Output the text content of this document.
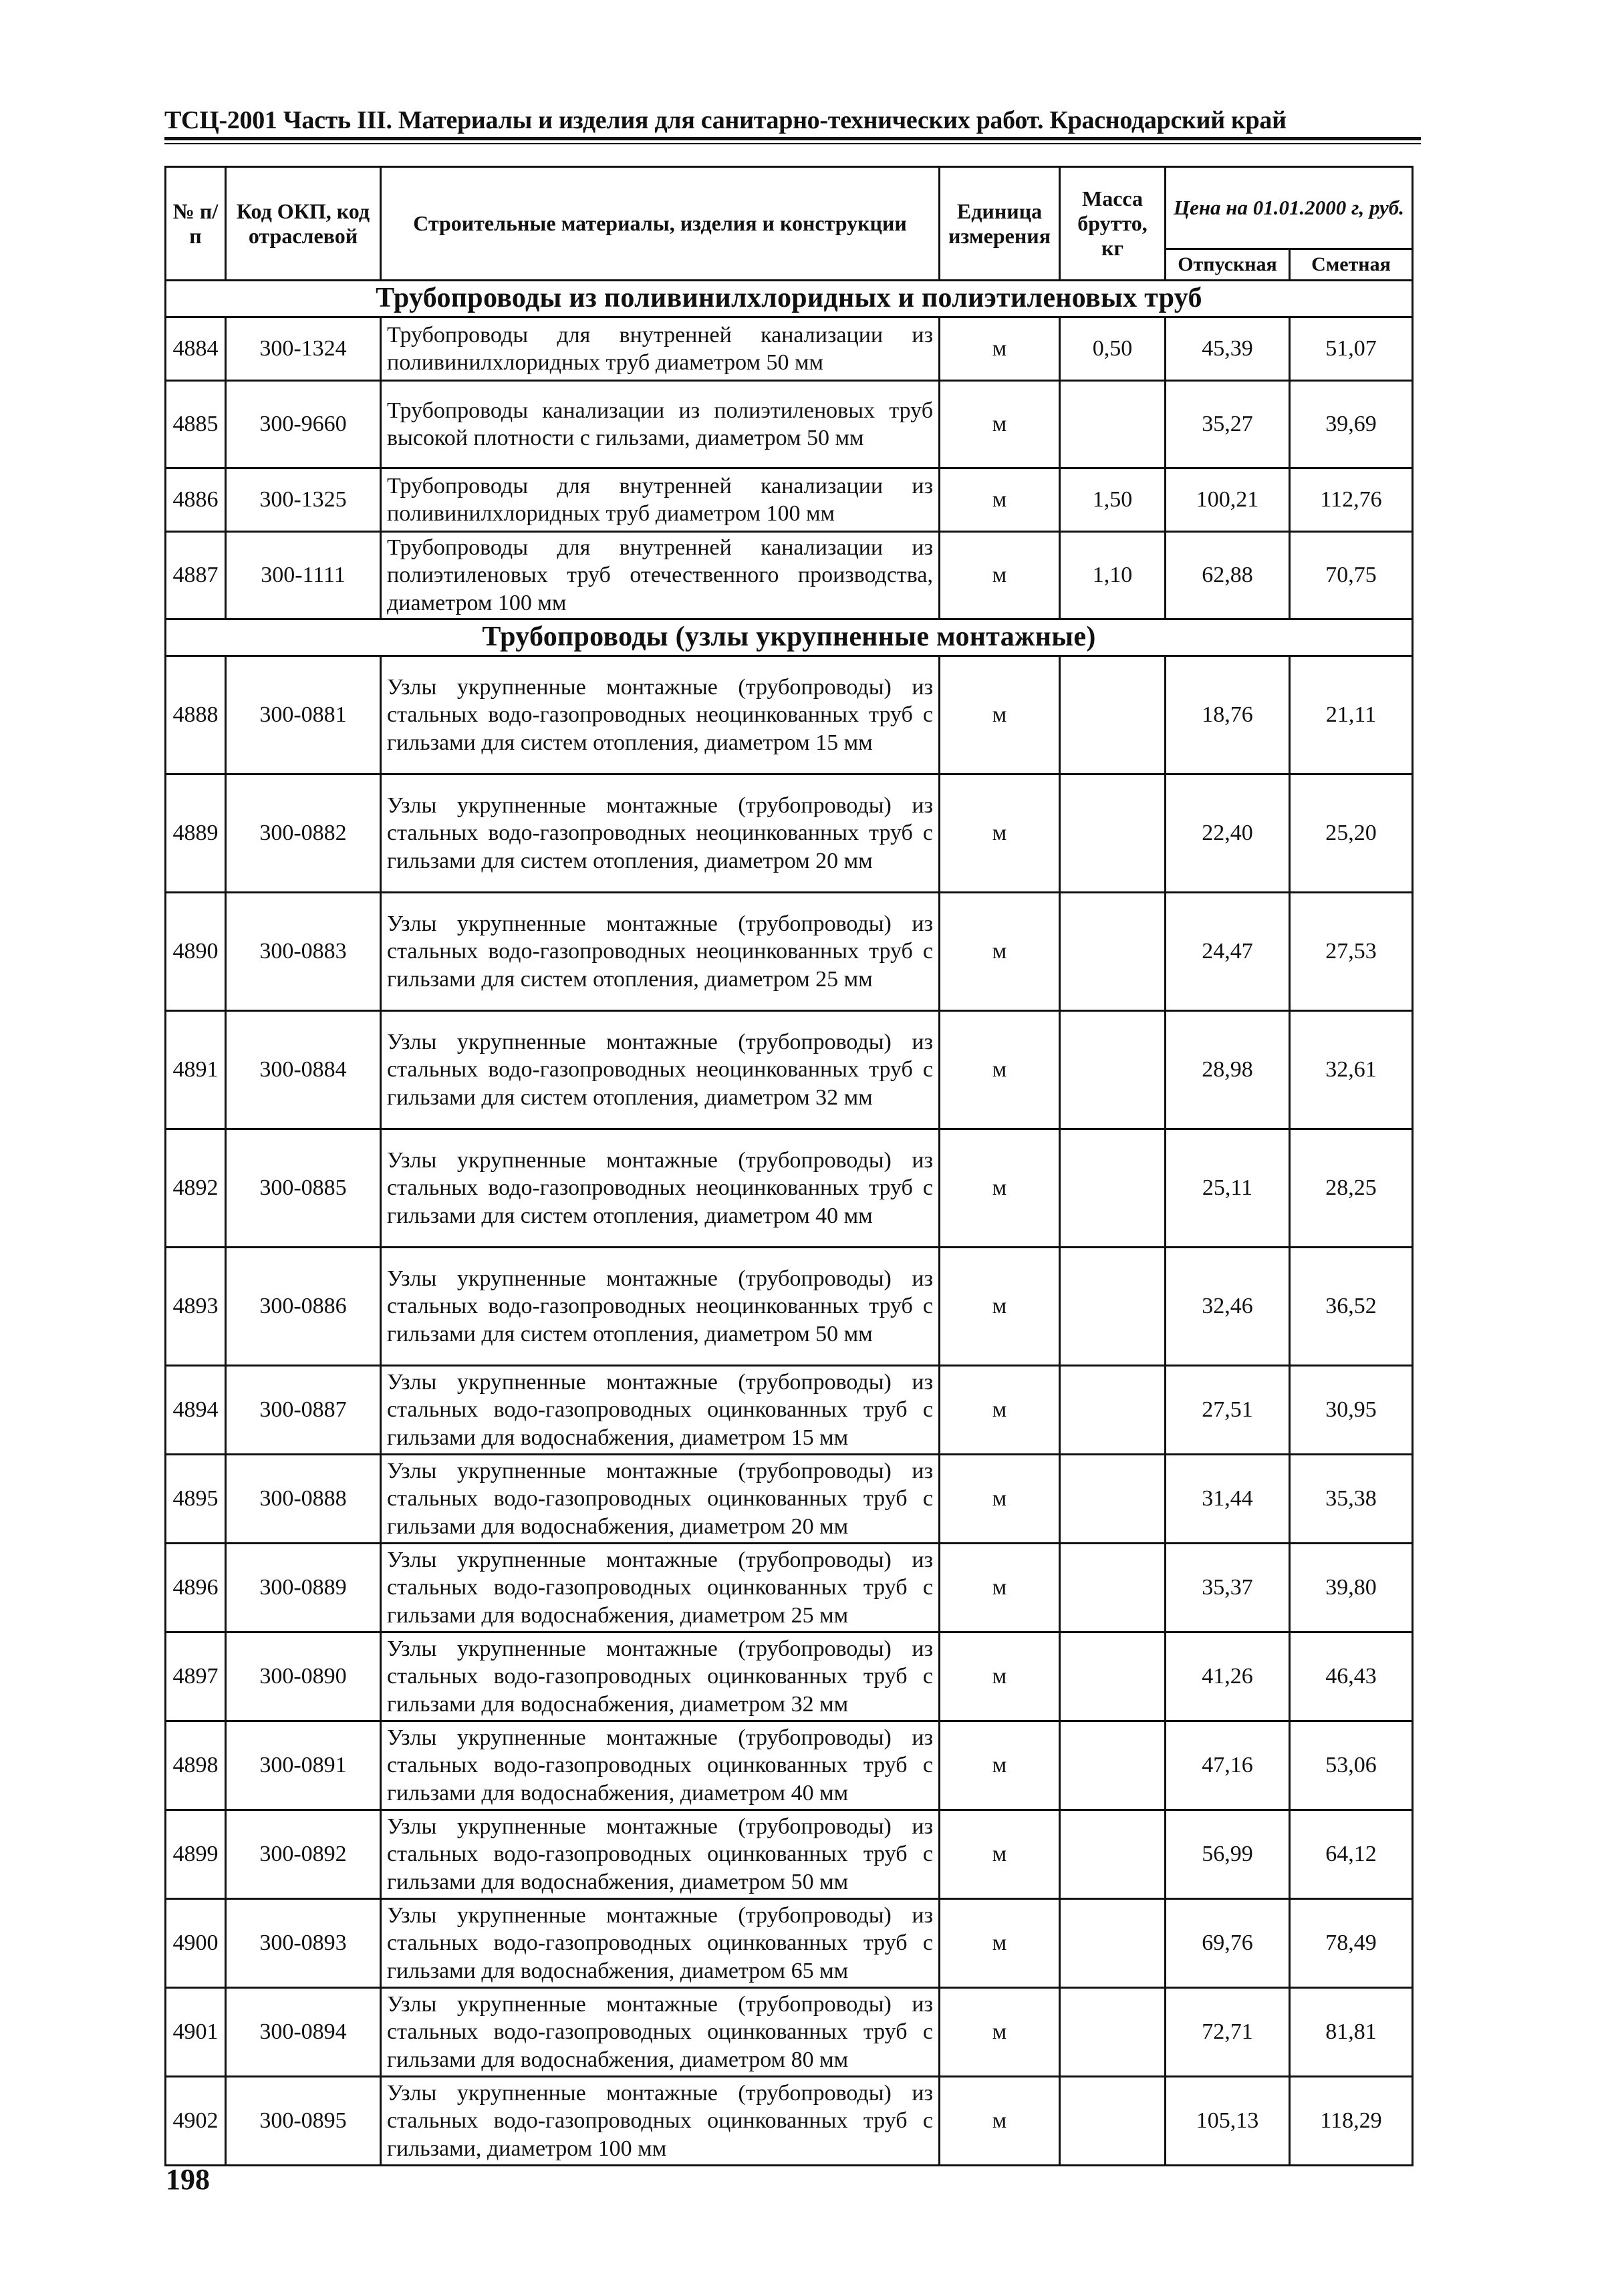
ТСЦ-2001 Часть III. Материалы и изделия для санитарно-технических работ. Краснодарский край
№ п/п	Код ОКП, код отраслевой	Строительные материалы, изделия и конструкции	Единица измерения	Масса брутто, кг	Цена на 01.01.2000 г, руб.	
					Отпускная	Сметная
Трубопроводы из поливинилхлоридных и полиэтиленовых труб						
4884	300-1324	Трубопроводы для внутренней канализации из поливинилхлоридных труб диаметром 50 мм	м	0,50	45,39	51,07
4885	300-9660	Трубопроводы канализации из полиэтиленовых труб высокой плотности с гильзами, диаметром 50 мм	м		35,27	39,69
4886	300-1325	Трубопроводы для внутренней канализации из поливинилхлоридных труб диаметром 100 мм	м	1,50	100,21	112,76
4887	300-1111	Трубопроводы для внутренней канализации из полиэтиленовых труб отечественного производства, диаметром 100 мм	м	1,10	62,88	70,75
Трубопроводы (узлы укрупненные монтажные)						
4888	300-0881	Узлы укрупненные монтажные (трубопроводы) из стальных водо-газопроводных неоцинкованных труб с гильзами для систем отопления, диаметром 15 мм	м		18,76	21,11
4889	300-0882	Узлы укрупненные монтажные (трубопроводы) из стальных водо-газопроводных неоцинкованных труб с гильзами для систем отопления, диаметром 20 мм	м		22,40	25,20
4890	300-0883	Узлы укрупненные монтажные (трубопроводы) из стальных водо-газопроводных неоцинкованных труб с гильзами для систем отопления, диаметром 25 мм	м		24,47	27,53
4891	300-0884	Узлы укрупненные монтажные (трубопроводы) из стальных водо-газопроводных неоцинкованных труб с гильзами для систем отопления, диаметром 32 мм	м		28,98	32,61
4892	300-0885	Узлы укрупненные монтажные (трубопроводы) из стальных водо-газопроводных неоцинкованных труб с гильзами для систем отопления, диаметром 40 мм	м		25,11	28,25
4893	300-0886	Узлы укрупненные монтажные (трубопроводы) из стальных водо-газопроводных неоцинкованных труб с гильзами для систем отопления, диаметром 50 мм	м		32,46	36,52
4894	300-0887	Узлы укрупненные монтажные (трубопроводы) из стальных водо-газопроводных оцинкованных труб с гильзами для водоснабжения, диаметром 15 мм	м		27,51	30,95
4895	300-0888	Узлы укрупненные монтажные (трубопроводы) из стальных водо-газопроводных оцинкованных труб с гильзами для водоснабжения, диаметром 20 мм	м		31,44	35,38
4896	300-0889	Узлы укрупненные монтажные (трубопроводы) из стальных водо-газопроводных оцинкованных труб с гильзами для водоснабжения, диаметром 25 мм	м		35,37	39,80
4897	300-0890	Узлы укрупненные монтажные (трубопроводы) из стальных водо-газопроводных оцинкованных труб с гильзами для водоснабжения, диаметром 32 мм	м		41,26	46,43
4898	300-0891	Узлы укрупненные монтажные (трубопроводы) из стальных водо-газопроводных оцинкованных труб с гильзами для водоснабжения, диаметром 40 мм	м		47,16	53,06
4899	300-0892	Узлы укрупненные монтажные (трубопроводы) из стальных водо-газопроводных оцинкованных труб с гильзами для водоснабжения, диаметром 50 мм	м		56,99	64,12
4900	300-0893	Узлы укрупненные монтажные (трубопроводы) из стальных водо-газопроводных оцинкованных труб с гильзами для водоснабжения, диаметром 65 мм	м		69,76	78,49
4901	300-0894	Узлы укрупненные монтажные (трубопроводы) из стальных водо-газопроводных оцинкованных труб с гильзами для водоснабжения, диаметром 80 мм	м		72,71	81,81
4902	300-0895	Узлы укрупненные монтажные (трубопроводы) из стальных водо-газопроводных оцинкованных труб с гильзами, диаметром 100 мм	м		105,13	118,29
198
